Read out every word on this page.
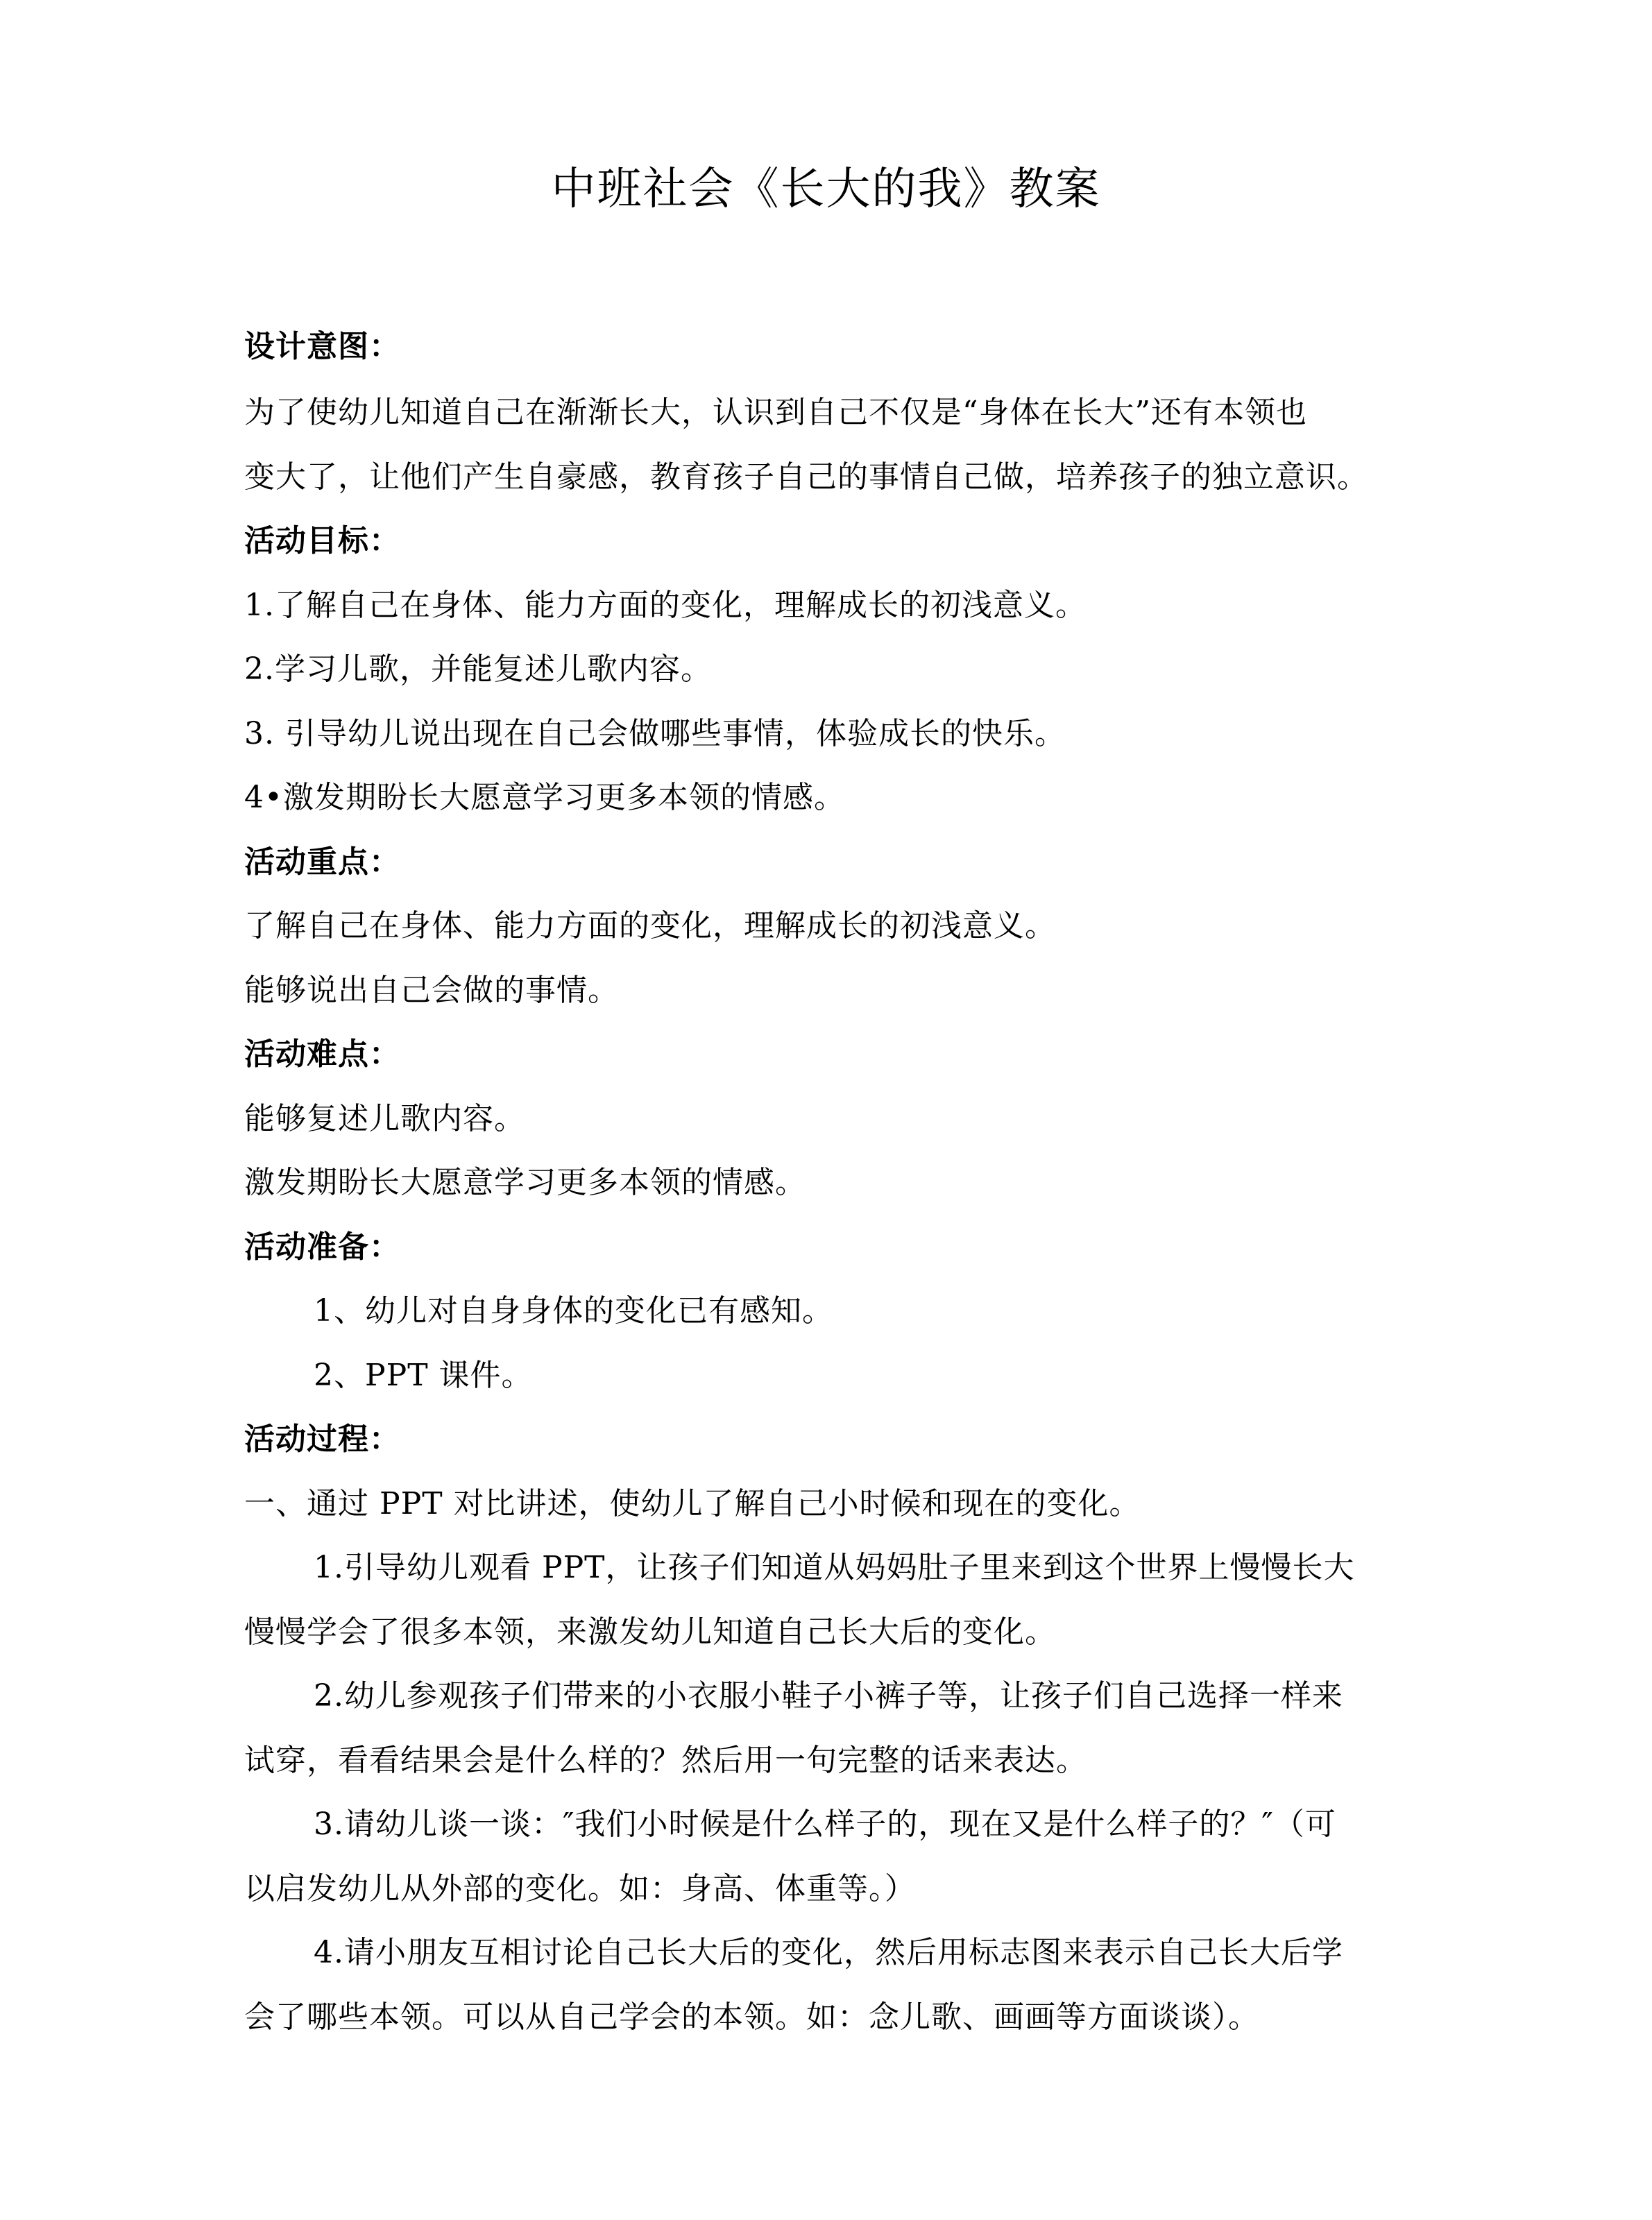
中班社会《长大的我》教案
设计意图：
为了使幼儿知道自己在渐渐长大，认识到自己不仅是“身体在长大”还有本领也
变大了，让他们产生自豪感，教育孩子自己的事情自己做，培养孩子的独立意识。
活动目标：
1.了解自己在身体、能力方面的变化，理解成长的初浅意义。
2.学习儿歌，并能复述儿歌内容。
3. 引导幼儿说出现在自己会做哪些事情，体验成长的快乐。
4•激发期盼长大愿意学习更多本领的情感。
活动重点：
了解自己在身体、能力方面的变化，理解成长的初浅意义。
能够说出自己会做的事情。
活动难点：
能够复述儿歌内容。
激发期盼长大愿意学习更多本领的情感。
活动准备：
1、幼儿对自身身体的变化已有感知。
2、PPT 课件。
活动过程：
一、通过 PPT 对比讲述，使幼儿了解自己小时候和现在的变化。
1.引导幼儿观看 PPT，让孩子们知道从妈妈肚子里来到这个世界上慢慢长大
慢慢学会了很多本领，来激发幼儿知道自己长大后的变化。
2.幼儿参观孩子们带来的小衣服小鞋子小裤子等，让孩子们自己选择一样来
试穿，看看结果会是什么样的？然后用一句完整的话来表达。
3.请幼儿谈一谈：″我们小时候是什么样子的，现在又是什么样子的？″（可
以启发幼儿从外部的变化。如：身高、体重等。）
4.请小朋友互相讨论自己长大后的变化，然后用标志图来表示自己长大后学
会了哪些本领。可以从自己学会的本领。如：念儿歌、画画等方面谈谈）。
